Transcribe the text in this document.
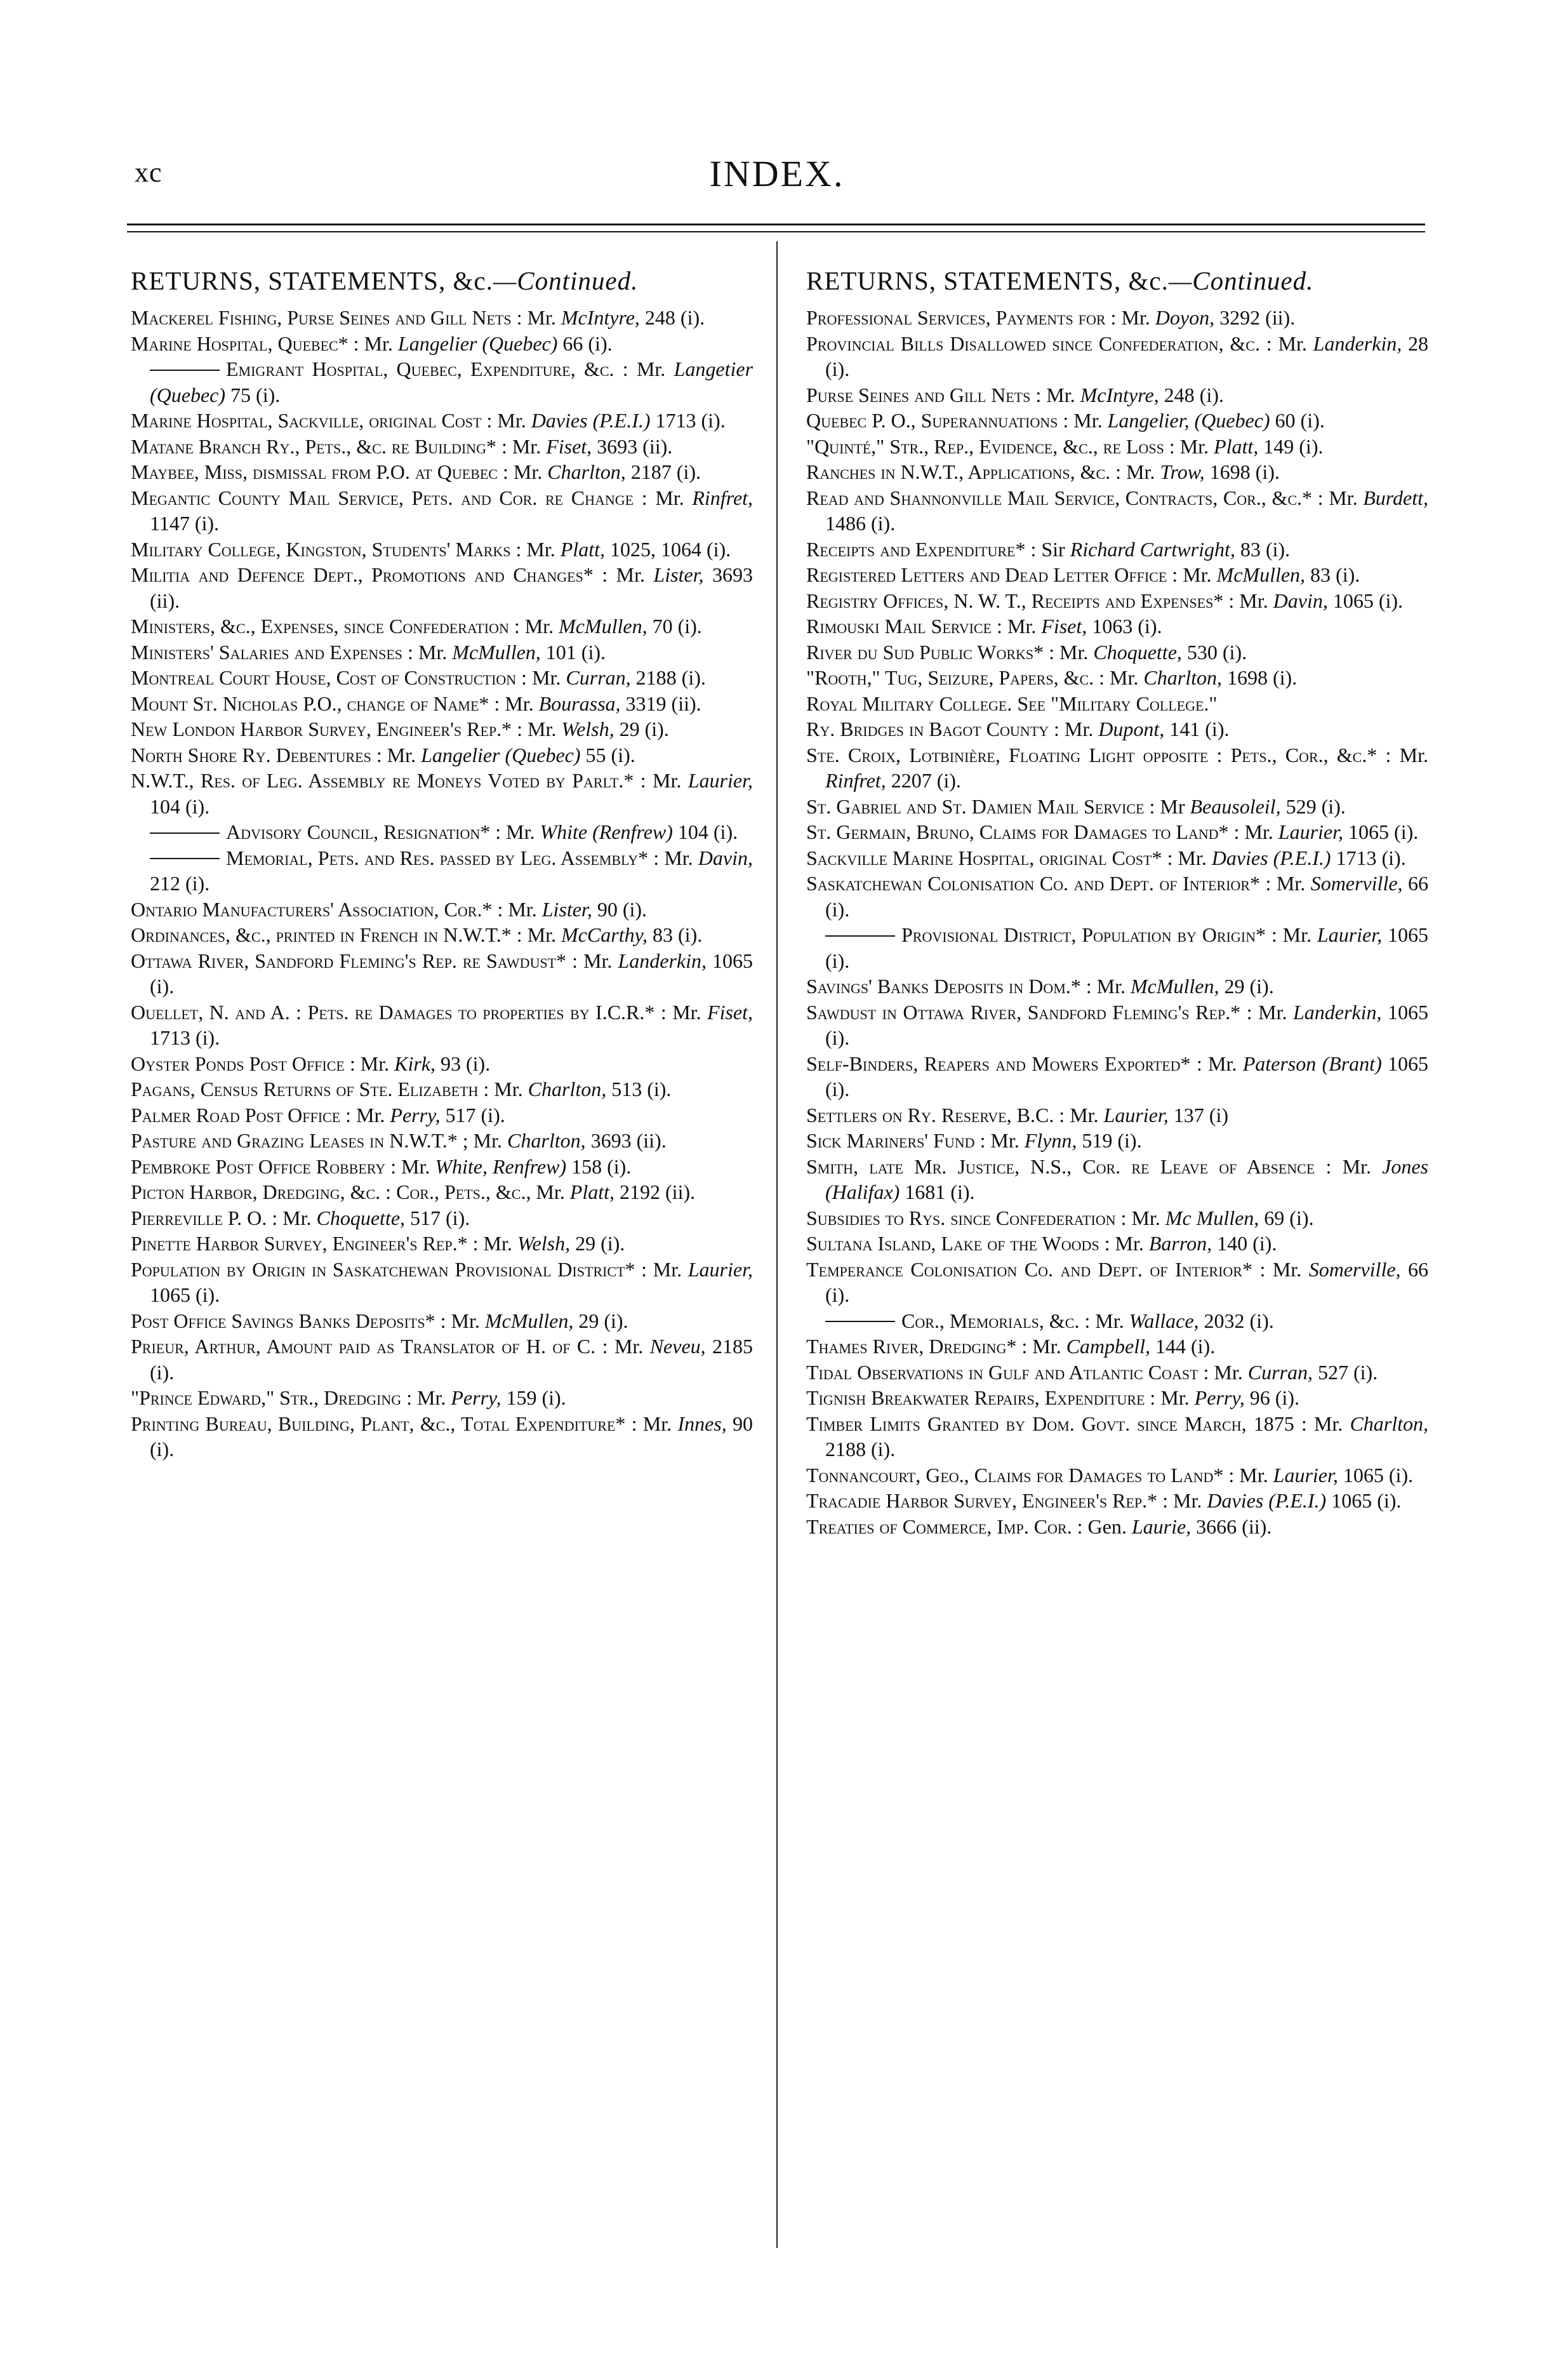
xc	INDEX.
RETURNS, STATEMENTS, &c.—Continued.

Mackerel Fishing, Purse Seines and Gill Nets : Mr. McIntyre, 248 (i).

Marine Hospital, Quebec* : Mr. Langelier (Quebec) 66 (i).

Emigrant Hospital, Quebec, Expenditure, &c. : Mr. Langetier (Quebec) 75 (i).

Marine Hospital, Sackville, original Cost : Mr. Davies (P.E.I.) 1713 (i).

Matane Branch Ry., Pets., &c. re Building* : Mr. Fiset, 3693 (ii).

Maybee, Miss, dismissal from P.O. at Quebec : Mr. Charlton, 2187 (i).

Megantic County Mail Service, Pets. and Cor. re Change : Mr. Rinfret, 1147 (i).

Military College, Kingston, Students' Marks : Mr. Platt, 1025, 1064 (i).

Militia and Defence Dept., Promotions and Changes* : Mr. Lister, 3693 (ii).

Ministers, &c., Expenses, since Confederation : Mr. McMullen, 70 (i).

Ministers' Salaries and Expenses : Mr. McMullen, 101 (i).

Montreal Court House, Cost of Construction : Mr. Curran, 2188 (i).

Mount St. Nicholas P.O., change of Name* : Mr. Bourassa, 3319 (ii).

New London Harbor Survey, Engineer's Rep.* : Mr. Welsh, 29 (i).

North Shore Ry. Debentures : Mr. Langelier (Quebec) 55 (i).

N.W.T., Res. of Leg. Assembly re Moneys Voted by Parlt.* : Mr. Laurier, 104 (i).

Advisory Council, Resignation* : Mr. White (Renfrew) 104 (i).

Memorial, Pets. and Res. passed by Leg. Assembly* : Mr. Davin, 212 (i).

Ontario Manufacturers' Association, Cor.* : Mr. Lister, 90 (i).

Ordinances, &c., printed in French in N.W.T.* : Mr. McCarthy, 83 (i).

Ottawa River, Sandford Fleming's Rep. re Sawdust* : Mr. Landerkin, 1065 (i).

Ouellet, N. and A. : Pets. re Damages to properties by I.C.R.* : Mr. Fiset, 1713 (i).

Oyster Ponds Post Office : Mr. Kirk, 93 (i).

Pagans, Census Returns of Ste. Elizabeth : Mr. Charlton, 513 (i).

Palmer Road Post Office : Mr. Perry, 517 (i).

Pasture and Grazing Leases in N.W.T.* ; Mr. Charlton, 3693 (ii).

Pembroke Post Office Robbery : Mr. White, Renfrew) 158 (i).

Picton Harbor, Dredging, &c. : Cor., Pets., &c., Mr. Platt, 2192 (ii).

Pierreville P. O. : Mr. Choquette, 517 (i).

Pinette Harbor Survey, Engineer's Rep.* : Mr. Welsh, 29 (i).

Population by Origin in Saskatchewan Provisional District* : Mr. Laurier, 1065 (i).

Post Office Savings Banks Deposits* : Mr. McMullen, 29 (i).

Prieur, Arthur, Amount paid as Translator of H. of C. : Mr. Neveu, 2185 (i).

"Prince Edward," Str., Dredging : Mr. Perry, 159 (i).

Printing Bureau, Building, Plant, &c., Total Expenditure* : Mr. Innes, 90 (i).

RETURNS, STATEMENTS, &c.—Continued.

Professional Services, Payments for : Mr. Doyon, 3292 (ii).

Provincial Bills Disallowed since Confederation, &c. : Mr. Landerkin, 28 (i).

Purse Seines and Gill Nets : Mr. McIntyre, 248 (i).

Quebec P. O., Superannuations : Mr. Langelier, (Quebec) 60 (i).

"Quinté," Str., Rep., Evidence, &c., re Loss : Mr. Platt, 149 (i).

Ranches in N.W.T., Applications, &c. : Mr. Trow, 1698 (i).

Read and Shannonville Mail Service, Contracts, Cor., &c.* : Mr. Burdett, 1486 (i).

Receipts and Expenditure* : Sir Richard Cartwright, 83 (i).

Registered Letters and Dead Letter Office : Mr. McMullen, 83 (i).

Registry Offices, N. W. T., Receipts and Expenses* : Mr. Davin, 1065 (i).

Rimouski Mail Service : Mr. Fiset, 1063 (i).

River du Sud Public Works* : Mr. Choquette, 530 (i).

"Rooth," Tug, Seizure, Papers, &c. : Mr. Charlton, 1698 (i).

Royal Military College. See "Military College."

Ry. Bridges in Bagot County : Mr. Dupont, 141 (i).

Ste. Croix, Lotbinière, Floating Light opposite : Pets., Cor., &c.* : Mr. Rinfret, 2207 (i).

St. Gabriel and St. Damien Mail Service : Mr Beausoleil, 529 (i).

St. Germain, Bruno, Claims for Damages to Land* : Mr. Laurier, 1065 (i).

Sackville Marine Hospital, original Cost* : Mr. Davies (P.E.I.) 1713 (i).

Saskatchewan Colonisation Co. and Dept. of Interior* : Mr. Somerville, 66 (i).

Provisional District, Population by Origin* : Mr. Laurier, 1065 (i).

Savings' Banks Deposits in Dom.* : Mr. McMullen, 29 (i).

Sawdust in Ottawa River, Sandford Fleming's Rep.* : Mr. Landerkin, 1065 (i).

Self-Binders, Reapers and Mowers Exported* : Mr. Paterson (Brant) 1065 (i).

Settlers on Ry. Reserve, B.C. : Mr. Laurier, 137 (i)

Sick Mariners' Fund : Mr. Flynn, 519 (i).

Smith, late Mr. Justice, N.S., Cor. re Leave of Absence : Mr. Jones (Halifax) 1681 (i).

Subsidies to Rys. since Confederation : Mr. Mc Mullen, 69 (i).

Sultana Island, Lake of the Woods : Mr. Barron, 140 (i).

Temperance Colonisation Co. and Dept. of Interior* : Mr. Somerville, 66 (i).

Cor., Memorials, &c. : Mr. Wallace, 2032 (i).

Thames River, Dredging* : Mr. Campbell, 144 (i).

Tidal Observations in Gulf and Atlantic Coast : Mr. Curran, 527 (i).

Tignish Breakwater Repairs, Expenditure : Mr. Perry, 96 (i).

Timber Limits Granted by Dom. Govt. since March, 1875 : Mr. Charlton, 2188 (i).

Tonnancourt, Geo., Claims for Damages to Land* : Mr. Laurier, 1065 (i).

Tracadie Harbor Survey, Engineer's Rep.* : Mr. Davies (P.E.I.) 1065 (i).

Treaties of Commerce, Imp. Cor. : Gen. Laurie, 3666 (ii).
